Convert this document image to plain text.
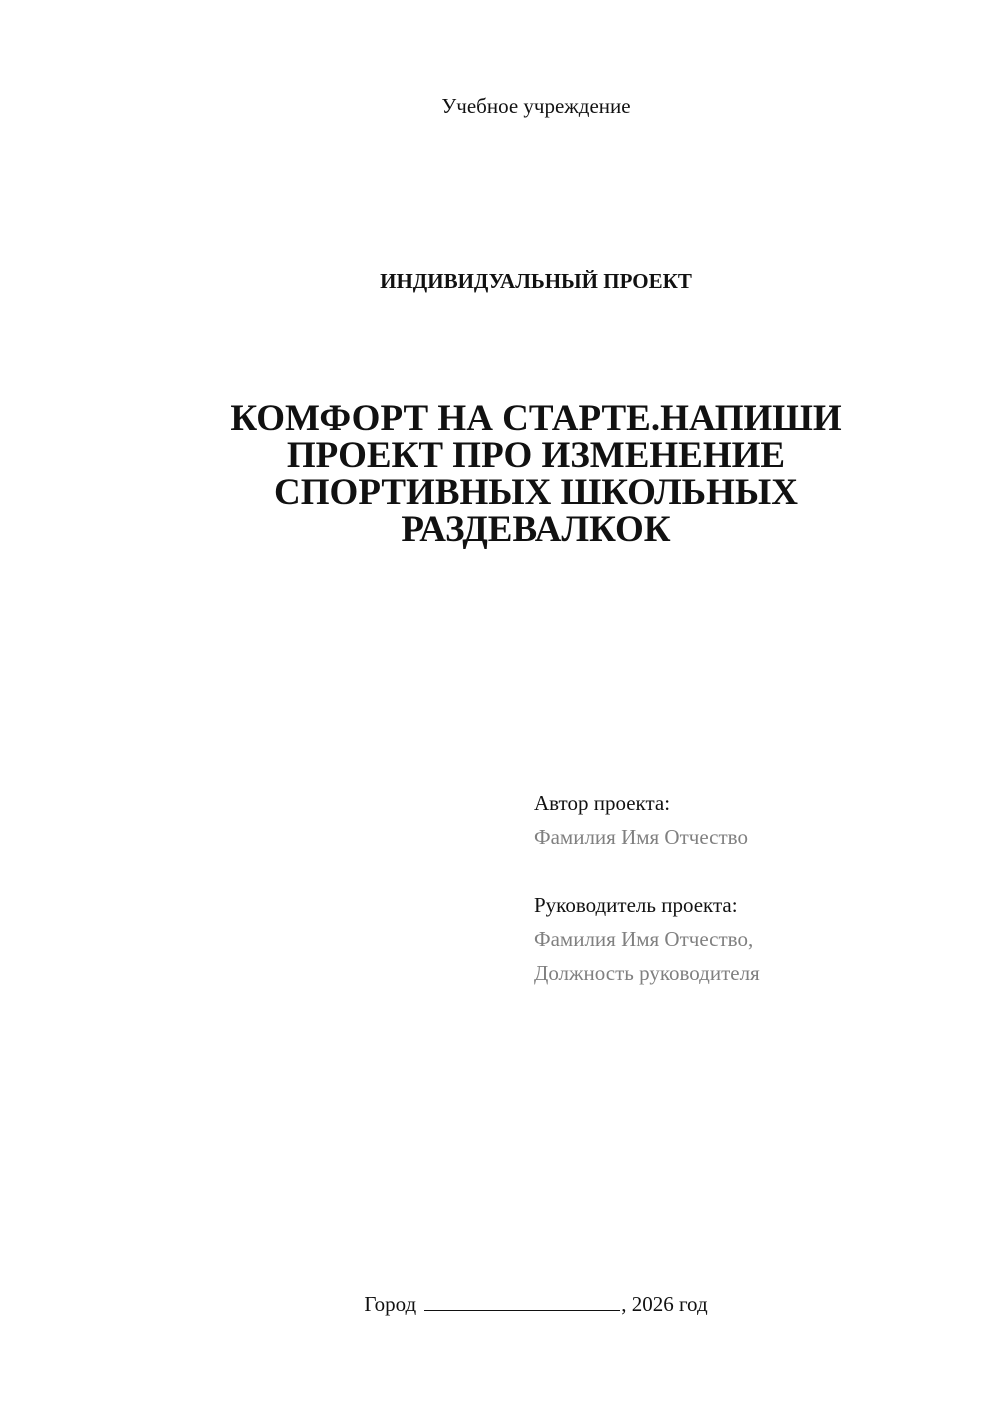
Учебное учреждение
ИНДИВИДУАЛЬНЫЙ ПРОЕКТ
КОМФОРТ НА СТАРТЕ.НАПИШИ
ПРОЕКТ ПРО ИЗМЕНЕНИЕ
СПОРТИВНЫХ ШКОЛЬНЫХ
РАЗДЕВАЛКОК
Автор проекта:
Фамилия Имя Отчество
Руководитель проекта:
Фамилия Имя Отчество,
Должность руководителя
Город	, 2026 год
